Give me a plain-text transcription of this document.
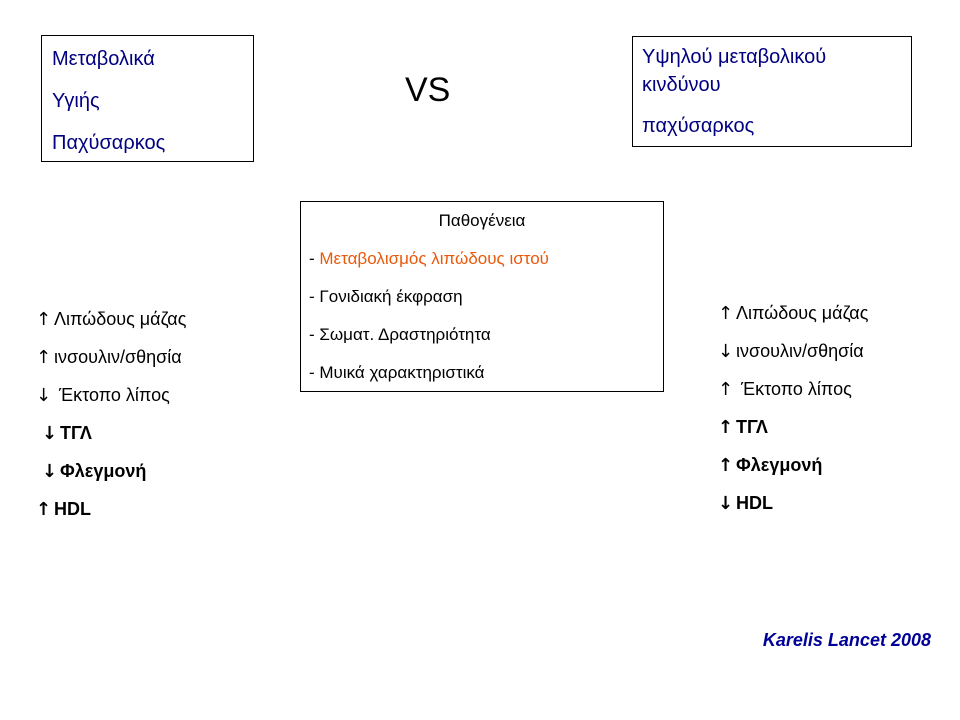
Μεταβολικά
Υγιής
Παχύσαρκος
VS
Υψηλού μεταβολικού
κινδύνου
παχύσαρκος
Παθογένεια
- Μεταβολισμός λιπώδους ιστού
- Γονιδιακή έκφραση
- Σωματ. Δραστηριότητα
- Μυικά χαρακτηριστικά
↑ Λιπώδους μάζας
↑ ινσουλιν/σθησία
↓ Έκτοπο λίπος
↓ ΤΓΛ
↓ Φλεγμονή
↑ HDL
↑ Λιπώδους μάζας
↓ ινσουλιν/σθησία
↑ Έκτοπο λίπος
↑ ΤΓΛ
↑ Φλεγμονή
↓ HDL
Karelis Lancet 2008
